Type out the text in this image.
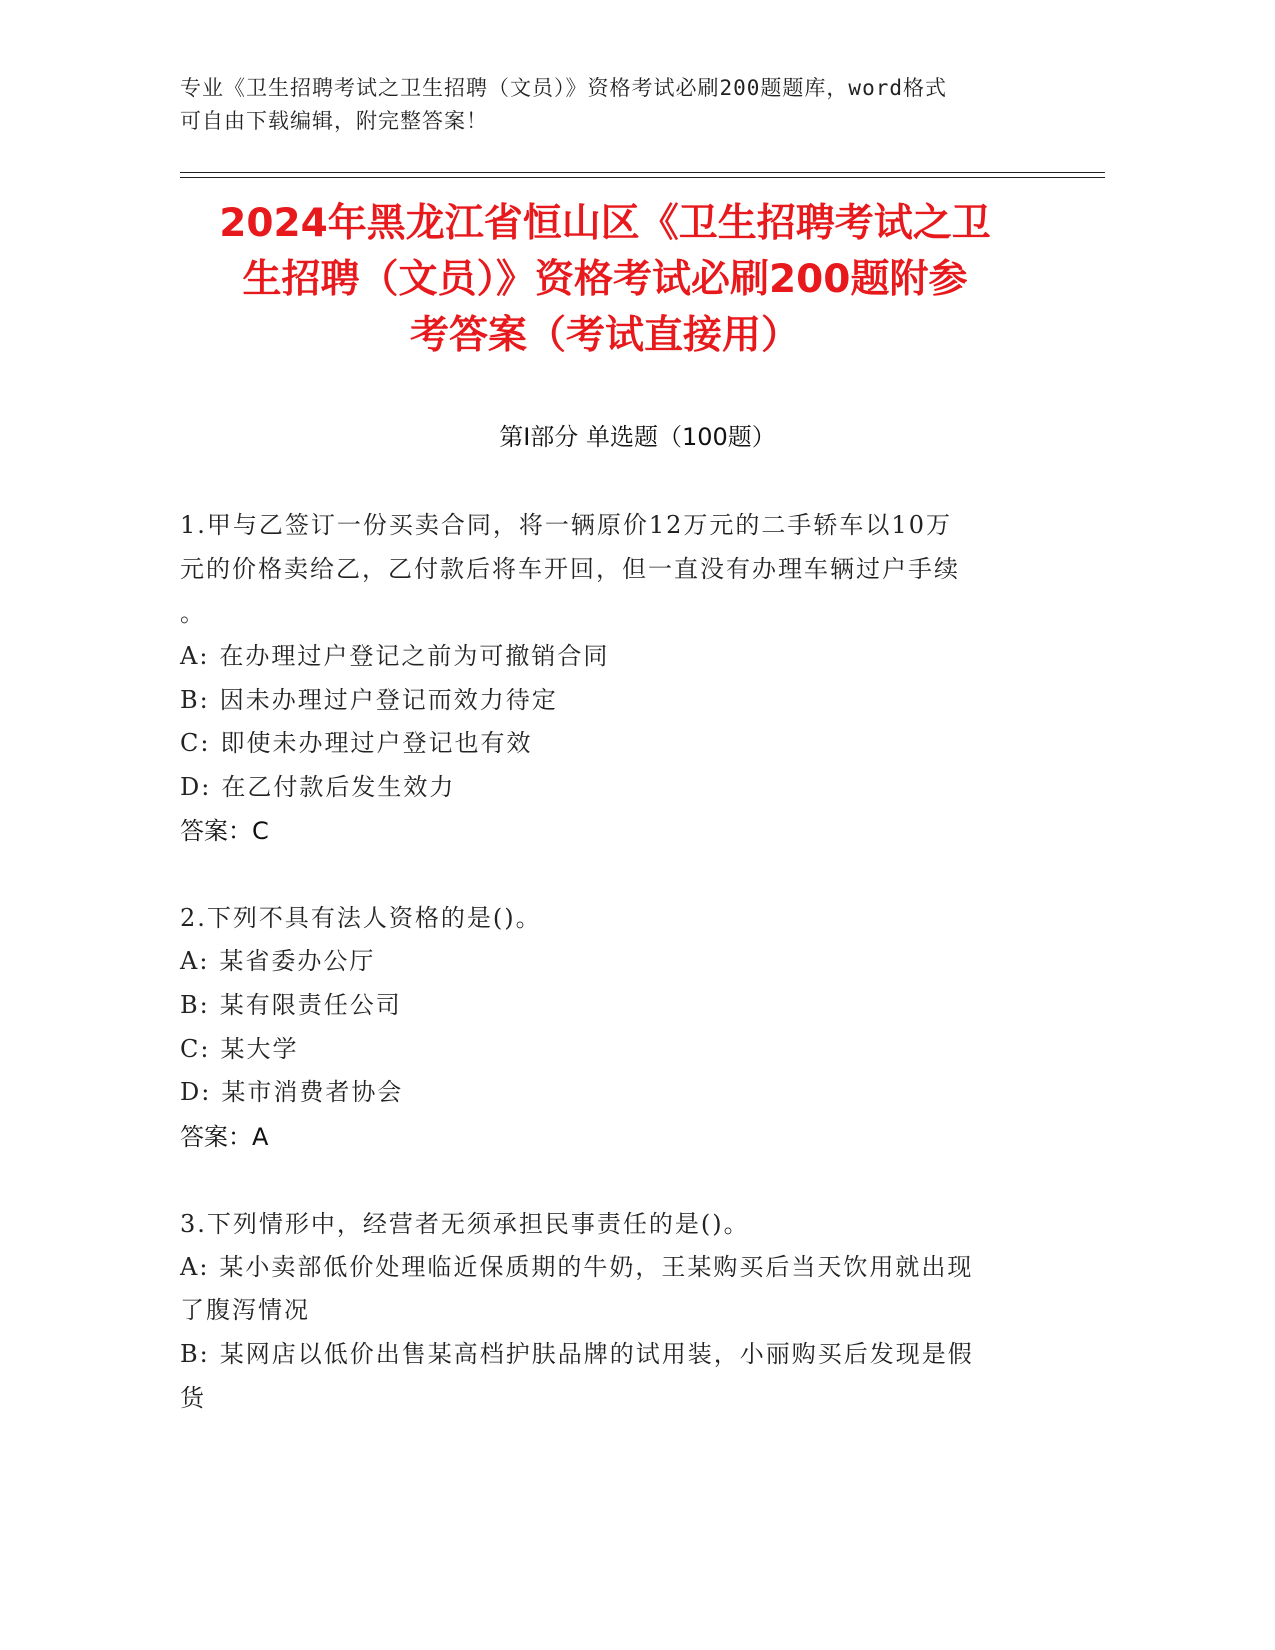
专业《卫生招聘考试之卫生招聘（文员）》资格考试必刷200题题库，word格式
可自由下载编辑，附完整答案！
2024年黑龙江省恒山区《卫生招聘考试之卫
生招聘（文员）》资格考试必刷200题附参
考答案（考试直接用）
第I部分 单选题（100题）
1.甲与乙签订一份买卖合同，将一辆原价12万元的二手轿车以10万
元的价格卖给乙，乙付款后将车开回，但一直没有办理车辆过户手续
。
A: 在办理过户登记之前为可撤销合同
B: 因未办理过户登记而效力待定
C: 即使未办理过户登记也有效
D: 在乙付款后发生效力
答案：C
2.下列不具有法人资格的是()。
A: 某省委办公厅
B: 某有限责任公司
C: 某大学
D: 某市消费者协会
答案：A
3.下列情形中，经营者无须承担民事责任的是()。
A: 某小卖部低价处理临近保质期的牛奶，王某购买后当天饮用就出现
了腹泻情况
B: 某网店以低价出售某高档护肤品牌的试用装，小丽购买后发现是假
货
